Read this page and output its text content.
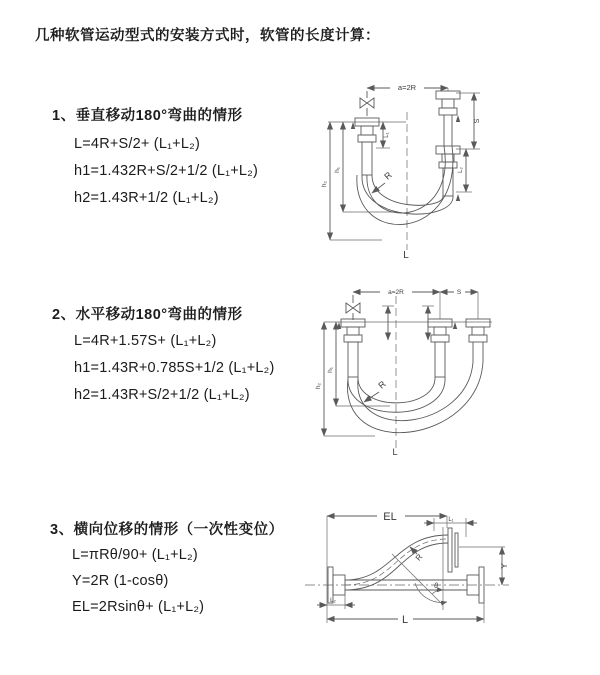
几种软管运动型式的安装方式时，软管的长度计算：
1、垂直移动180°弯曲的情形
L=4R+S/2+ (L₁+L₂)
h1=1.432R+S/2+1/2 (L₁+L₂)
h2=1.43R+1/2 (L₁+L₂)
2、水平移动180°弯曲的情形
L=4R+1.57S+ (L₁+L₂)
h1=1.43R+0.785S+1/2 (L₁+L₂)
h2=1.43R+S/2+1/2 (L₁+L₂)
3、横向位移的情形（一次性变位）
L=πRθ/90+ (L₁+L₂)
Y=2R (1-cosθ)
EL=2Rsinθ+ (L₁+L₂)
a=2R
S
L₂
L₁
h₂
h₁	R
L
a=2R	S
h₂
h₁
R
L
EL	L₁
Y
R
θ
L₂
L
